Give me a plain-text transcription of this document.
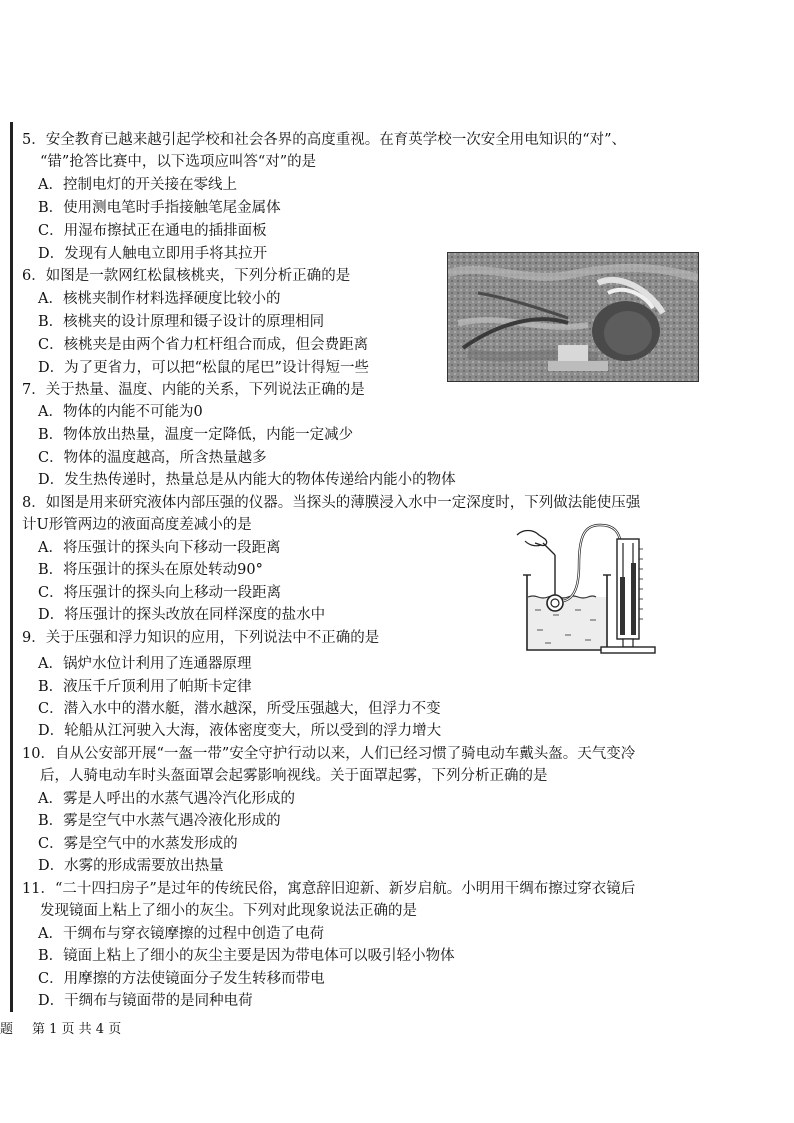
5．安全教育已越来越引起学校和社会各界的高度重视。在育英学校一次安全用电知识的“对”、
“错”抢答比赛中，以下选项应叫答“对”的是
A．控制电灯的开关接在零线上
B．使用测电笔时手指接触笔尾金属体
C．用湿布擦拭正在通电的插排面板
D．发现有人触电立即用手将其拉开
6．如图是一款网红松鼠核桃夹，下列分析正确的是
A．核桃夹制作材料选择硬度比较小的
B．核桃夹的设计原理和镊子设计的原理相同
C．核桃夹是由两个省力杠杆组合而成，但会费距离
D．为了更省力，可以把“松鼠的尾巴”设计得短一些
7．关于热量、温度、内能的关系，下列说法正确的是
A．物体的内能不可能为0
B．物体放出热量，温度一定降低，内能一定减少
C．物体的温度越高，所含热量越多
D．发生热传递时，热量总是从内能大的物体传递给内能小的物体
8．如图是用来研究液体内部压强的仪器。当探头的薄膜浸入水中一定深度时，下列做法能使压强
计U形管两边的液面高度差减小的是
A．将压强计的探头向下移动一段距离
B．将压强计的探头在原处转动90°
C．将压强计的探头向上移动一段距离
D．将压强计的探头改放在同样深度的盐水中
9．关于压强和浮力知识的应用，下列说法中不正确的是
A．锅炉水位计利用了连通器原理
B．液压千斤顶利用了帕斯卡定律
C．潜入水中的潜水艇，潜水越深，所受压强越大，但浮力不变
D．轮船从江河驶入大海，液体密度变大，所以受到的浮力增大
10．自从公安部开展“一盔一带”安全守护行动以来，人们已经习惯了骑电动车戴头盔。天气变冷
后，人骑电动车时头盔面罩会起雾影响视线。关于面罩起雾，下列分析正确的是
A．雾是人呼出的水蒸气遇冷汽化形成的
B．雾是空气中水蒸气遇冷液化形成的
C．雾是空气中的水蒸发形成的
D．水雾的形成需要放出热量
11．“二十四扫房子”是过年的传统民俗，寓意辞旧迎新、新岁启航。小明用干绸布擦过穿衣镜后
发现镜面上粘上了细小的灰尘。下列对此现象说法正确的是
A．干绸布与穿衣镜摩擦的过程中创造了电荷
B．镜面上粘上了细小的灰尘主要是因为带电体可以吸引轻小物体
C．用摩擦的方法使镜面分子发生转移而带电
D．干绸布与镜面带的是同种电荷
题 第 1 页 共 4 页
